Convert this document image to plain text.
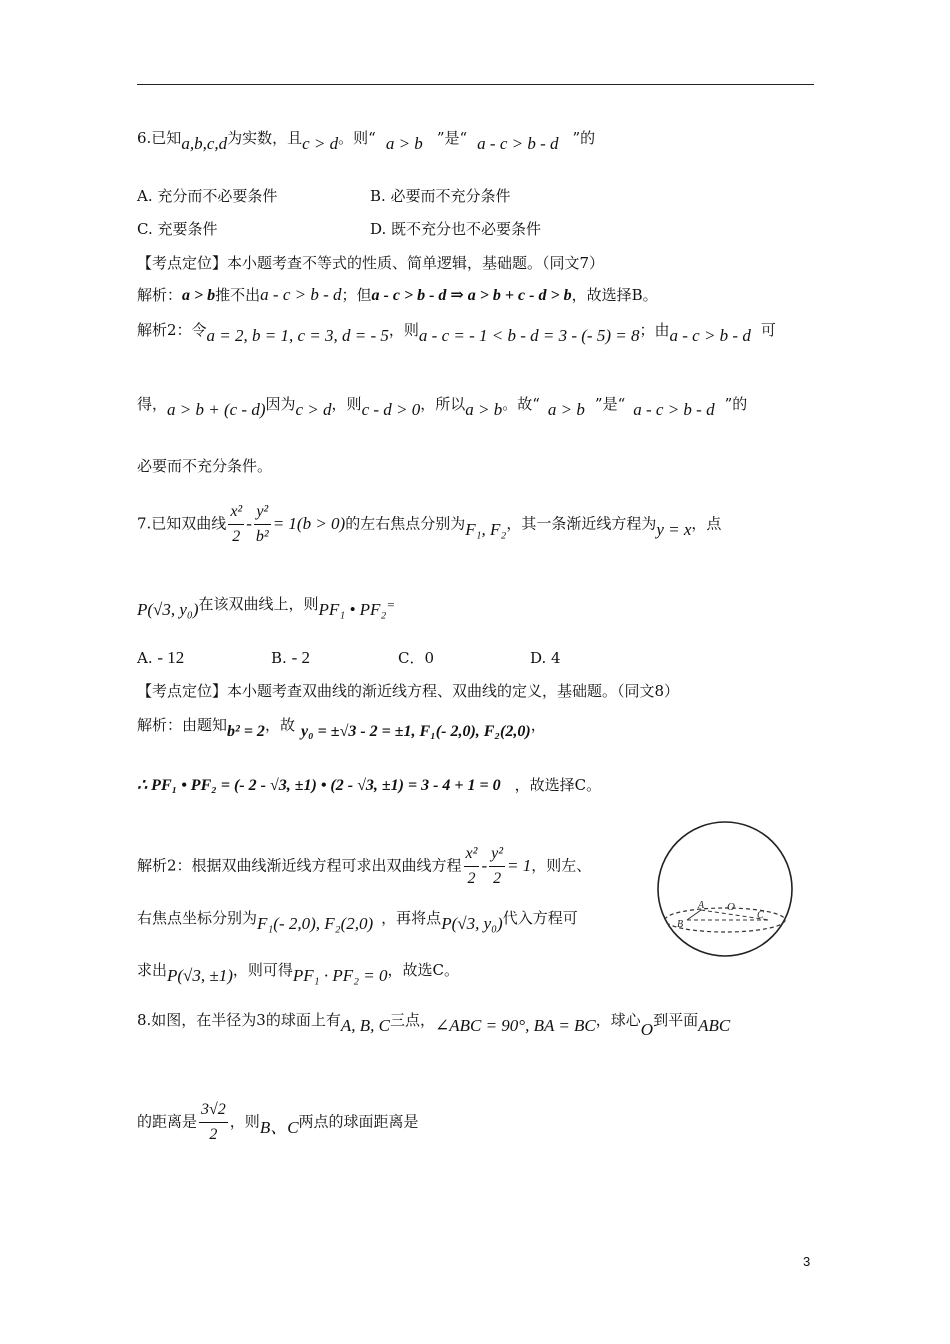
6.已知a,b,c,d为实数，且c > d。则“ a > b ”是“ a - c > b - d ”的
A. 充分而不必要条件	B. 必要而不充分条件
C. 充要条件	D. 既不充分也不必要条件
【考点定位】本小题考查不等式的性质、简单逻辑，基础题。（同文7）
解析：a > b推不出a - c > b - d；但a - c > b - d ⇒ a > b + c - d > b，故选择B。
解析2：令a = 2, b = 1, c = 3, d = - 5，则a - c = - 1 < b - d = 3 - (- 5) = 8；由a - c > b - d 可
得，a > b + (c - d)因为c > d，则c - d > 0，所以a > b。故“ a > b ”是“ a - c > b - d ”的
必要而不充分条件。
7.已知双曲线 $\frac{\text{x²}}{2} - \frac{\text{y²}}{\text{b²}} = 1(b > 0)$的左右焦点分别为F₁, F₂，其一条渐近线方程为y = x，点
P(√3, y₀)在该双曲线上，则PF₁ • PF₂=
A. - 12	B. - 2	C．0	D. 4
【考点定位】本小题考查双曲线的渐近线方程、双曲线的定义，基础题。（同文8）
解析：由题知b² = 2，故 y₀ = ±√3 - 2 = ±1, F₁(- 2,0), F₂(2,0)，
∴ PF₁ • PF₂ = (- 2 - √3, ±1) • (2 - √3, ±1) = 3 - 4 + 1 = 0 ，故选择C。
解析2：根据双曲线渐近线方程可求出双曲线方程 $\frac{\text{x²}}{2} - \frac{\text{y²}}{2} = 1$，则左、
右焦点坐标分别为F₁(- 2,0), F₂(2,0) ，再将点P(√3, y₀)代入方程可
求出P(√3, ±1)，则可得PF₁ · PF₂ = 0，故选C。
O
A
B
C
8.如图，在半径为3的球面上有A, B, C三点，∠ABC = 90°, BA = BC，球心O到平面ABC
的距离是 $\frac{3√2}{2}$ ，则B、C两点的球面距离是
3
